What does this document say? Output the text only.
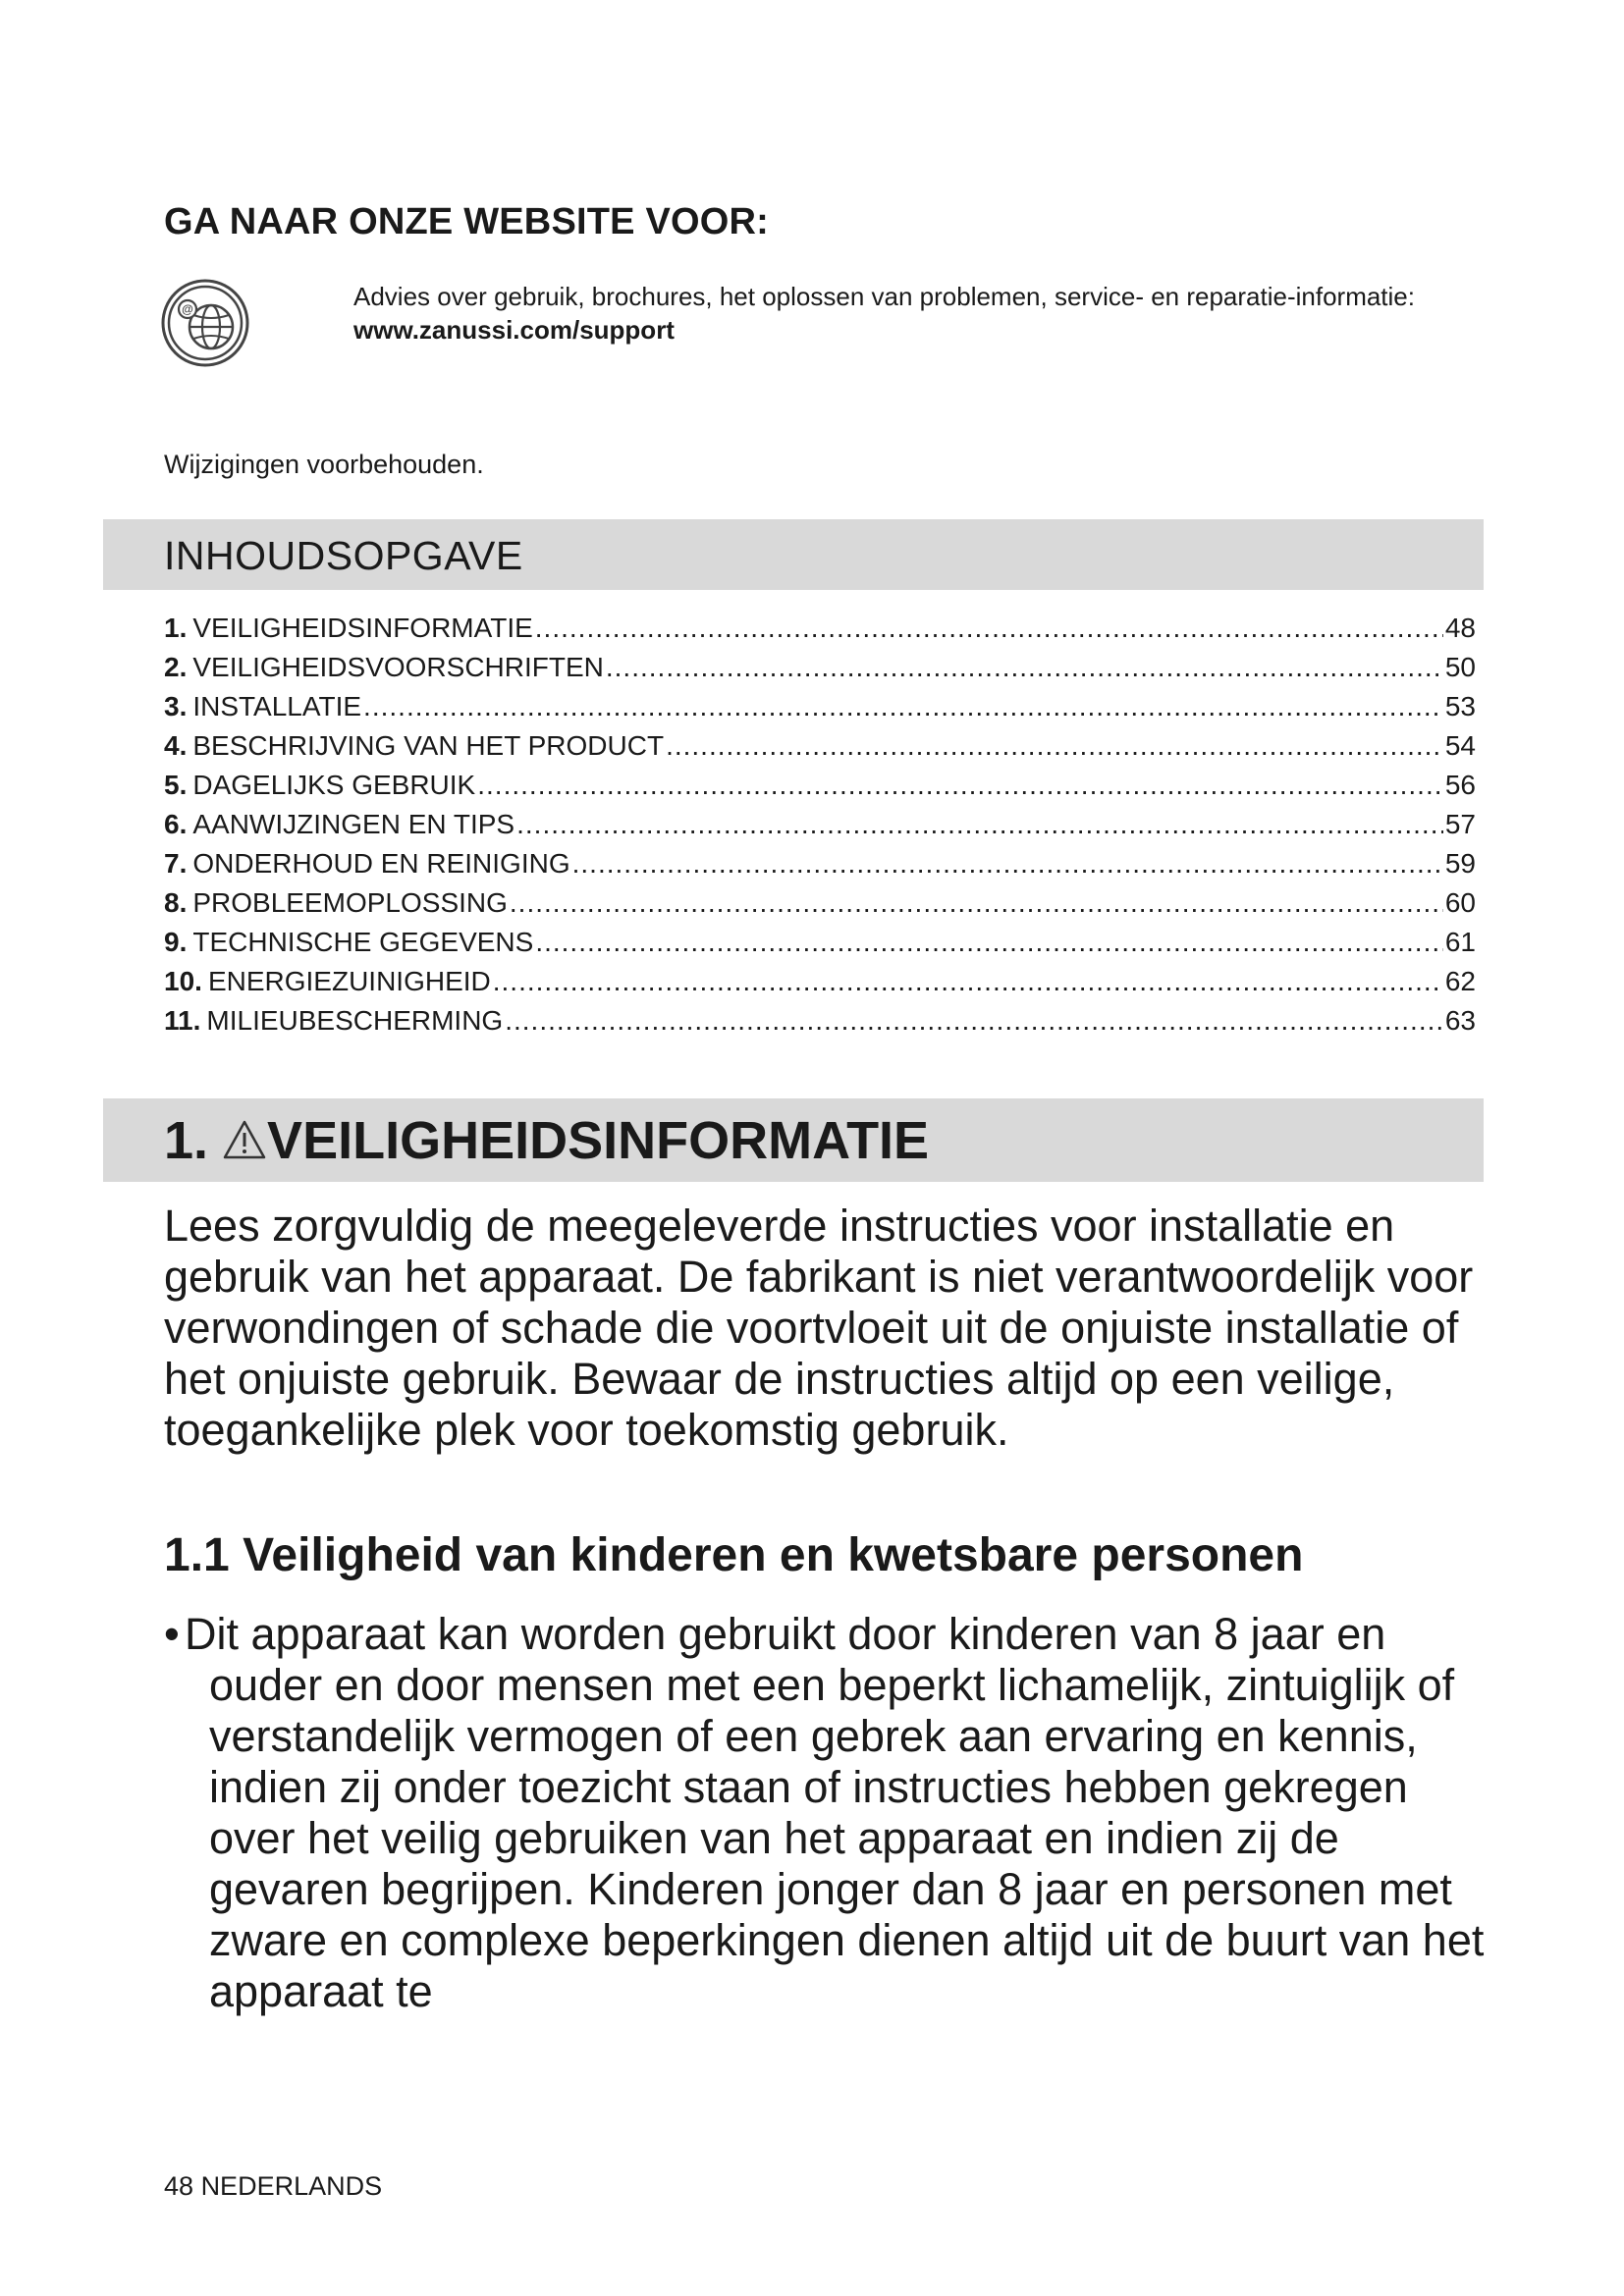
GA NAAR ONZE WEBSITE VOOR:
@	Advies over gebruik, brochures, het oplossen van problemen, service- en reparatie-informatie:
www.zanussi.com/support
Wijzigingen voorbehouden.
INHOUDSOPGAVE
1. VEILIGHEIDSINFORMATIE .....	48
2. VEILIGHEIDSVOORSCHRIFTEN .....	50
3. INSTALLATIE .....	53
4. BESCHRIJVING VAN HET PRODUCT .....	54
5. DAGELIJKS GEBRUIK .....	56
6. AANWIJZINGEN EN TIPS .....	57
7. ONDERHOUD EN REINIGING .....	59
8. PROBLEEMOPLOSSING .....	60
9. TECHNISCHE GEGEVENS .....	61
10. ENERGIEZUINIGHEID .....	62
11. MILIEUBESCHERMING .....	63
1. VEILIGHEIDSINFORMATIE
Lees zorgvuldig de meegeleverde instructies voor installatie en gebruik van het apparaat. De fabrikant is niet verantwoordelijk voor verwondingen of schade die voortvloeit uit de onjuiste installatie of het onjuiste gebruik. Bewaar de instructies altijd op een veilige, toegankelijke plek voor toekomstig gebruik.
1.1 Veiligheid van kinderen en kwetsbare personen
• Dit apparaat kan worden gebruikt door kinderen van 8 jaar en ouder en door mensen met een beperkt lichamelijk, zintuiglijk of verstandelijk vermogen of een gebrek aan ervaring en kennis, indien zij onder toezicht staan of instructies hebben gekregen over het veilig gebruiken van het apparaat en indien zij de gevaren begrijpen. Kinderen jonger dan 8 jaar en personen met zware en complexe beperkingen dienen altijd uit de buurt van het apparaat te
48 NEDERLANDS
